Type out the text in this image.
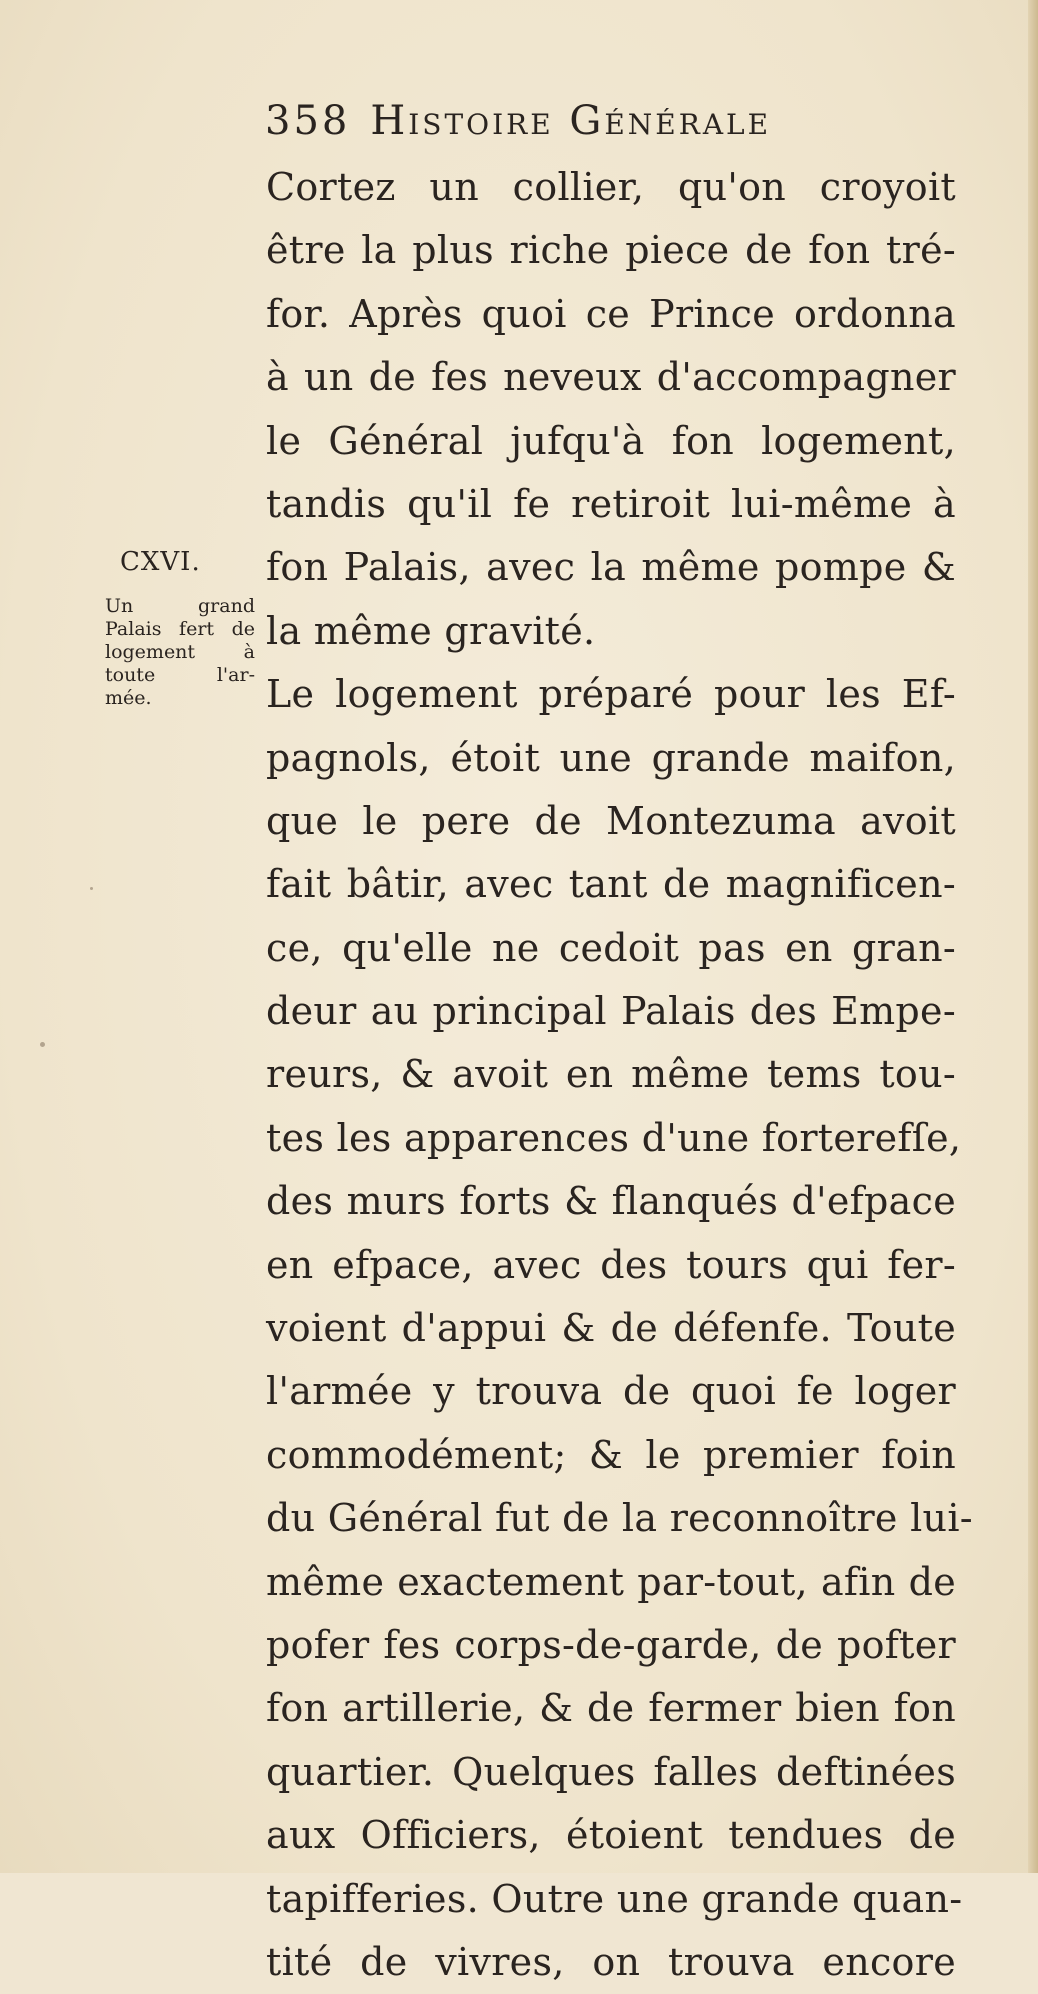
358 Histoire Générale
CXVI.
Un grand
Palais fert de
logement à
toute l'ar-
mée.
Cortez un collier, qu'on croyoit
être la plus riche piece de fon tré-
for. Après quoi ce Prince ordonna
à un de fes neveux d'accompagner
le Général jufqu'à fon logement,
tandis qu'il fe retiroit lui-même à
fon Palais, avec la même pompe &
la même gravité.
Le logement préparé pour les Ef-
pagnols, étoit une grande maifon,
que le pere de Montezuma avoit
fait bâtir, avec tant de magnificen-
ce, qu'elle ne cedoit pas en gran-
deur au principal Palais des Empe-
reurs, & avoit en même tems tou-
tes les apparences d'une forterefſe,
des murs forts & flanqués d'efpace
en efpace, avec des tours qui fer-
voient d'appui & de défenfe. Toute
l'armée y trouva de quoi fe loger
commodément; & le premier foin
du Général fut de la reconnoître lui-
même exactement par-tout, afin de
pofer fes corps-de-garde, de pofter
fon artillerie, & de fermer bien fon
quartier. Quelques falles deftinées
aux Officiers, étoient tendues de
tapifferies. Outre une grande quan-
tité de vivres, on trouva encore
